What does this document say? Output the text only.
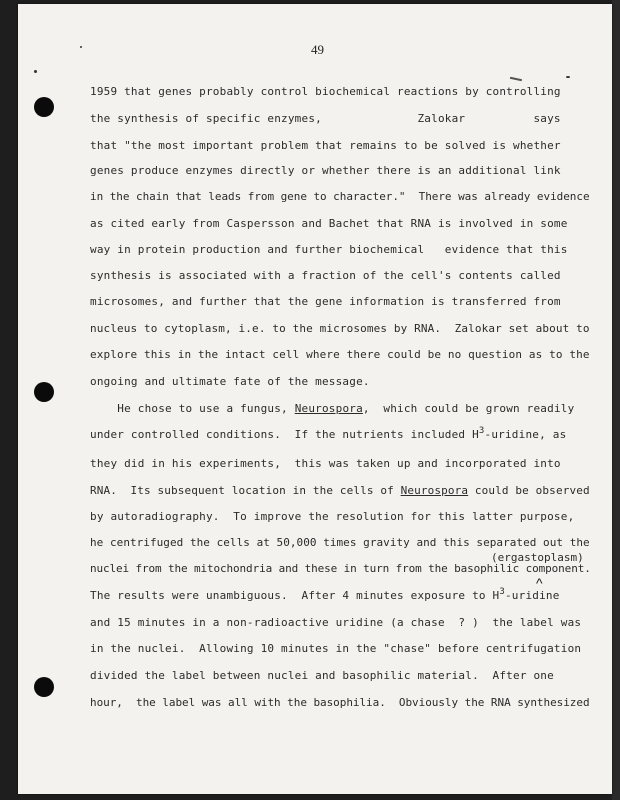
49
1959 that genes probably control biochemical reactions by controlling
the synthesis of specific enzymes,              Zalokar          says
that "the most important problem that remains to be solved is whether
genes produce enzymes directly or whether there is an additional link
in the chain that leads from gene to character."  There was already evidence
as cited early from Caspersson and Bachet that RNA is involved in some
way in protein production and further biochemical   evidence that this
synthesis is associated with a fraction of the cell's contents called
microsomes, and further that the gene information is transferred from
nucleus to cytoplasm, i.e. to the microsomes by RNA.  Zalokar set about to
explore this in the intact cell where there could be no question as to the
ongoing and ultimate fate of the message.
He chose to use a fungus, Neurospora,  which could be grown readily
under controlled conditions.  If the nutrients included $H^3$-uridine, as
they did in his experiments,  this was taken up and incorporated into
RNA.  Its subsequent location in the cells of Neurospora could be observed
by autoradiography.  To improve the resolution for this latter purpose,
he centrifuged the cells at 50,000 times gravity and this separated out the
(ergastoplasm)
nuclei from the mitochondria and these in turn from the basophilic component.
^
The results were unambiguous.  After 4 minutes exposure to $H^3$-uridine
and 15 minutes in a non-radioactive uridine (a chase  ? )  the label was
in the nuclei.  Allowing 10 minutes in the "chase" before centrifugation
divided the label between nuclei and basophilic material.  After one
hour,  the label was all with the basophilia.  Obviously the RNA synthesized
